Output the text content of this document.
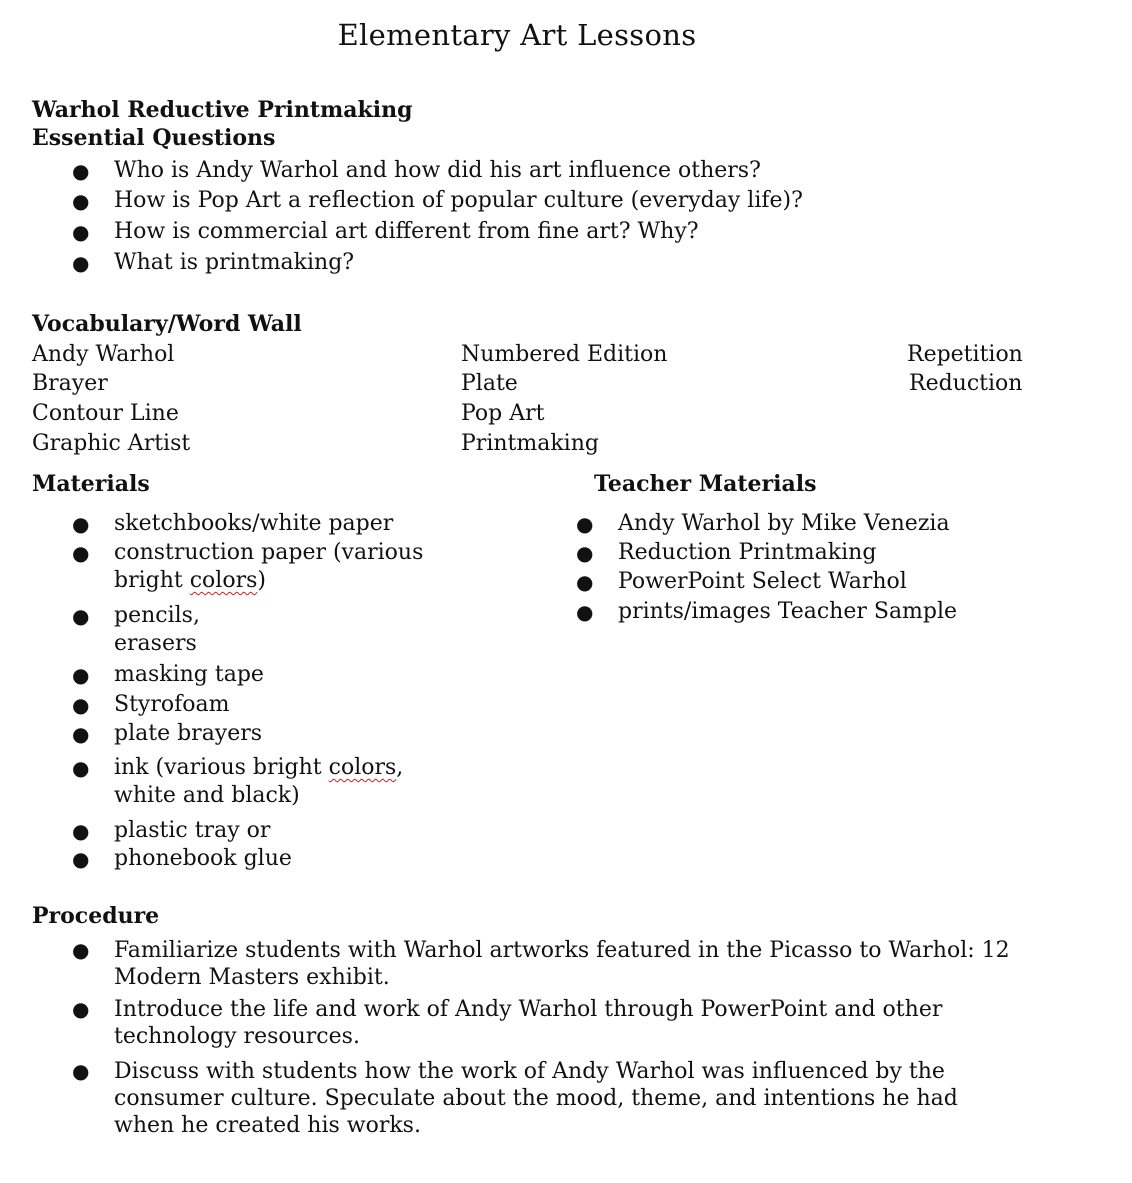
Elementary Art Lessons
Warhol Reductive Printmaking
Essential Questions
● Who is Andy Warhol and how did his art influence others?
● How is Pop Art a reflection of popular culture (everyday life)?
● How is commercial art different from fine art? Why?
● What is printmaking?
Vocabulary/Word Wall
Andy Warhol
Brayer
Contour Line
Graphic Artist
Numbered Edition
Plate
Pop Art
Printmaking
Repetition
Reduction
Materials
● sketchbooks/white paper
● construction paper (various bright colors)
● pencils, erasers
● masking tape
● Styrofoam
● plate brayers
● ink (various bright colors, white and black)
● plastic tray or
● phonebook glue
Teacher Materials
● Andy Warhol by Mike Venezia
● Reduction Printmaking
● PowerPoint Select Warhol
● prints/images Teacher Sample
Procedure
● Familiarize students with Warhol artworks featured in the Picasso to Warhol: 12 Modern Masters exhibit.
● Introduce the life and work of Andy Warhol through PowerPoint and other technology resources.
● Discuss with students how the work of Andy Warhol was influenced by the consumer culture. Speculate about the mood, theme, and intentions he had when he created his works.
